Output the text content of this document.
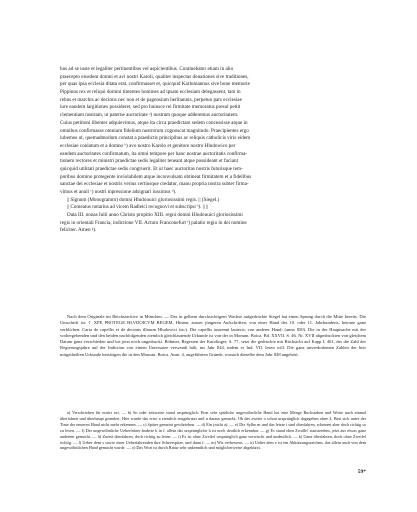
bus ad se iuste et legaliter pertinentibus vel aspicientibus. Continebatur etiam in alio

praecepto eiusdem domni et avi nostri Karoli, qualiter inspectas donationes sive traditiones,

per quas ipsa ecclesia ditata erat, confirmasset et, quicquid Karlomannus sive bone memorie

Pippinus rex et reliqui domini timentes homines ad ipsam ecclesiam delegassent, tam in

rebus et marchis ac decimis nec non et de pagensium heribannis, perpetuo pars ecclesiae

iure eandem largitiones possideret, sed pro huiusce rei firmitate memoratus presul petiit

clementiam nostram, ut paterne auctoritate ᵃ) nostram quoque adderemus auctoritatem.

Cuius petitioni libenter adquievimus, atque ita circa praedictam sedem concessisse atque in

omnibus confirmasse omnium fidelium nostrorum cognoscat magnitudo. Praecipientes ergo

iubemus ut, quemadmodum constat a praedictis principibus ac reliquis catholicis viris eidem

ecclesiae conlatum et a domno ᵇ) avo nostro Karolo et genitore nostro Hludowico per

eandem auctoritates confirmatum, ita omni tempore per hanc nostrae auctoritatis confirma-

tionem rectores et ministri praedictae sedis legaliter teneant atque possideant et faciant

quicquid utilitati praedictae sedis congruerit. Et ut haec auctoritas nostris futurisque tem-

poribus domino protegente inviolabilem atque inconvulsam obtineat firmitatem et a fidelibus

sanctae dei ecclesiae et nostris verius certiusque credatur, manu propria nostra subter firma-

vimus et anuli ᶜ) nostri inpressione adsignari iussimus ᵈ).

|| Signum (Monogramm) domni Hludouuici gloriosissimi regis. || (Siegel.)

|| Comeatus notarius ad vicem Radleici recognovi et subscripsi ᵉ). || ||

Data III. nonas Iulii anno Christo propitio XIII. regni domni Hludouuici gloriosissimi

regis in orientali Francia, indictione VII. Actum Franconefurt ᶠ) palatio regio in dei nomine

feliciter. Amen ᵍ).

Nach dem Originale im Reichsarchive in München. — Das in gelbem durchsichtigem Wachse aufgedrückte Siegel hat einen Sprung durch die Mitte bereits. Die Umschrift ist: † XPE PROTEGE HLVDOICVM REGEM. Hinten, ausser jüngeren Aufschriften, von einer Hand des 10. oder 11. Jahrhunderts, betonte ganz verblichen: Carta de capellis et de decimis illarum Hludowici (sic). Die capellis iusuenni lauteris; von anderer Hand: (anno 850). Die in der Hauptsache mit der vorhergehenden und den beiden nachfolgenden ziemlich gleichlautende Urkunde ist von der in Monum. Boica. Bd. XXVII. S. 46. Nr. XVII abgedruckten von gleichem Datum ganz verschieden und bis jetzt noch ungedruckt. Böhmer, Regesten der Karolinger, S. 77, setzt die gedruckte mit Rücksicht auf Kapp I, 461, der die Zahl der Regierungsjahre auf der Indiction von einem Untersatze verwandt hält, ins Jahr 844, indem er Ind. VII. lesen will. Die ganz unverdorbenen Zahlen der hier mitgetheilten Urkunde bestätigen die in den Monum. Boica. Anm. 4, angeführten Gründe, wonach dieselbe dem Jahr 848 angehört.

a) Verschrieben für nostri avi. — b) So oder zeitweise stand ursprünglich. Eine sehr spärliche ungewöhnliche Hand hat eine Menge Buchstaben und Worte nach einmal überfahren und überhaupt geändert. Hier wurde das erste a ziemlich ausgekratzt und n daraus gemacht. Ob das zweite o schon ursprünglich dagegeben ohne 4. Best sich unter der Tinte der neueren Hand nicht mehr erkennen. — c) Später gemeint geschrieben. — d) Ein (nicht a). — e) Die Sylbe m und das letzte i sind überfahren, scheinen aber doch richtig so zu lesen. — f) Der ungewöhnliche Ueberfahrer änderte h in f, allein das ursprüngliche h ist noch deutlich erkennbar. — g) Es stand eben Zwalle! ausisterdem, jetzt aus etwas ganz anderem gemacht. — h) Zuerst überfahren, doch richtig zu lesen. — i) Es ist ohne Zweifel ursprünglich ganz verwischt und undeutlich. — k) Ganz überfahren, doch ohne Zweifel richtig. — l) Ueber dem s sowie einer Ueberfahrenden ihre Scheerspitze, und dann f. — m) Wir verbessern. — n) Ueber dem e ist ein Abkürzungszeichen, das allein auch von dem ungewöhnlichen Hand gemacht wurde. — o) Das Wort ist durch Rasur sehr unkenntlich und möglicherweise abgekürzt.

59*
